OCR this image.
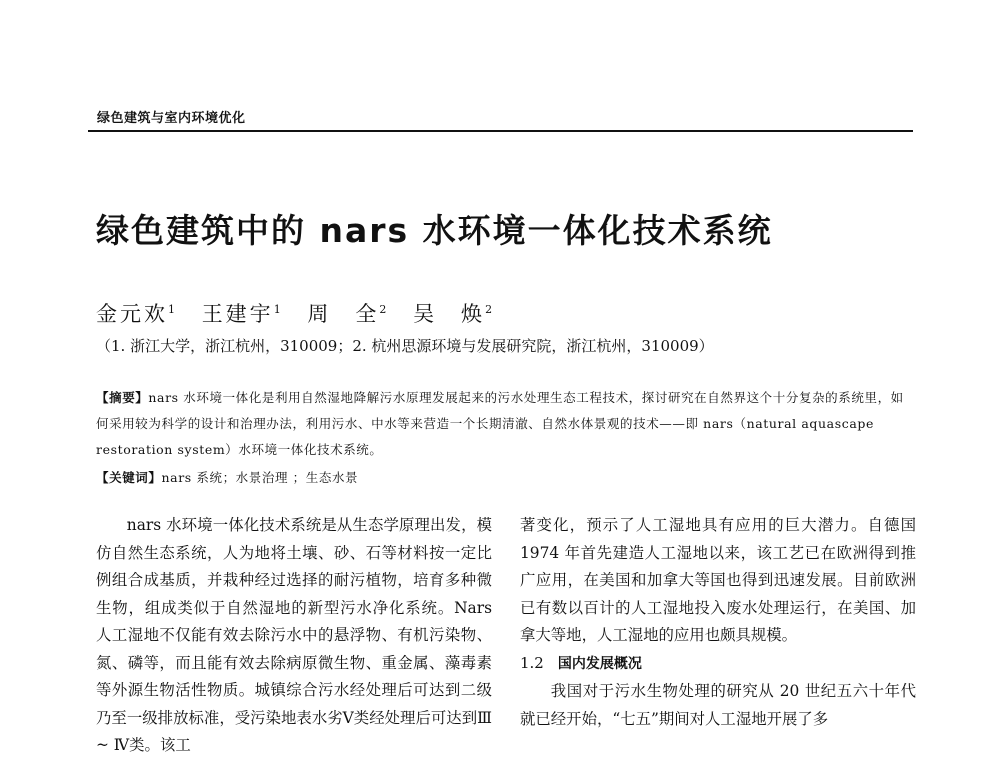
绿色建筑与室内环境优化
绿色建筑中的 nars 水环境一体化技术系统
金元欢$^1$ 王建宇$^1$ 周　全$^2$ 吴　焕$^2$
（1. 浙江大学，浙江杭州，310009；2. 杭州思源环境与发展研究院，浙江杭州，310009）
【摘要】nars 水环境一体化是利用自然湿地降解污水原理发展起来的污水处理生态工程技术，探讨研究在自然界这个十分复杂的系统里，如何采用较为科学的设计和治理办法，利用污水、中水等来营造一个长期清澈、自然水体景观的技术——即 nars（natural aquascape restoration system）水环境一体化技术系统。
【关键词】nars 系统；水景治理 ；生态水景

nars 水环境一体化技术系统是从生态学原理出发，模仿自然生态系统，人为地将土壤、砂、石等材料按一定比例组合成基质，并栽种经过选择的耐污植物，培育多种微生物，组成类似于自然湿地的新型污水净化系统。Nars 人工湿地不仅能有效去除污水中的悬浮物、有机污染物、氮、磷等，而且能有效去除病原微生物、重金属、藻毒素等外源生物活性物质。城镇综合污水经处理后可达到二级乃至一级排放标准，受污染地表水劣Ⅴ类经处理后可达到Ⅲ ~ Ⅳ类。该工

著变化，预示了人工湿地具有应用的巨大潜力。自德国 1974 年首先建造人工湿地以来，该工艺已在欧洲得到推广应用，在美国和加拿大等国也得到迅速发展。目前欧洲已有数以百计的人工湿地投入废水处理运行，在美国、加拿大等地，人工湿地的应用也颇具规模。

1.2 国内发展概况

我国对于污水生物处理的研究从 20 世纪五六十年代就已经开始，“七五”期间对人工湿地开展了多
